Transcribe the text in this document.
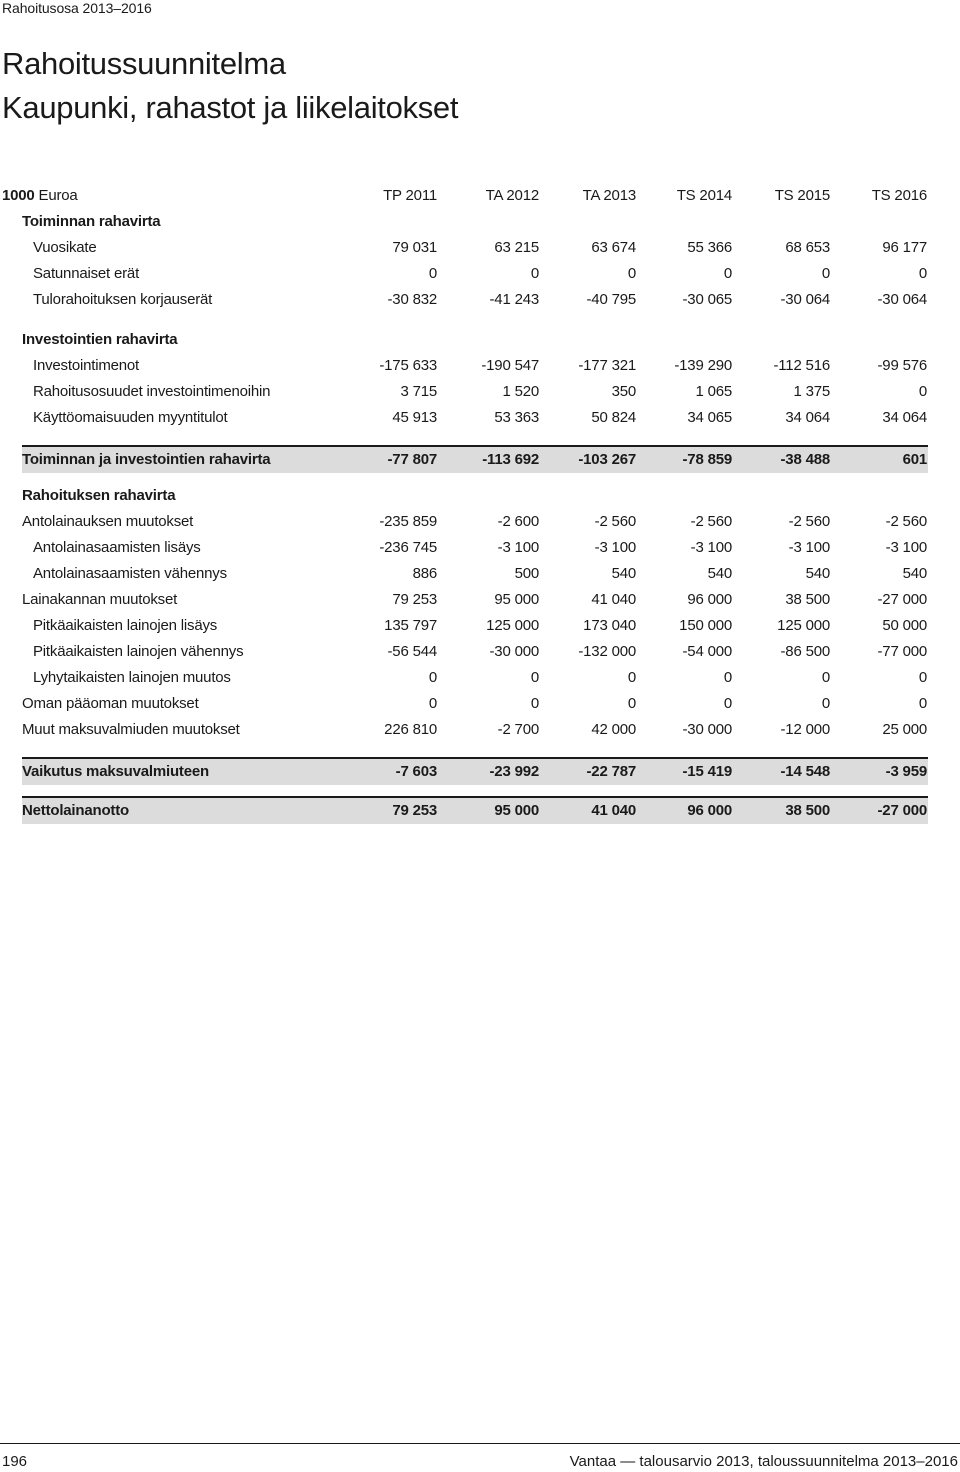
Rahoitusosa 2013–2016
Rahoitussuunnitelma
Kaupunki, rahastot ja liikelaitokset
1000 Euroa	TP 2011	TA 2012	TA 2013	TS 2014	TS 2015	TS 2016
Toiminnan rahavirta
Vuosikate	79 031	63 215	63 674	55 366	68 653	96 177
Satunnaiset erät	0	0	0	0	0	0
Tulorahoituksen korjauserät	-30 832	-41 243	-40 795	-30 065	-30 064	-30 064
Investointien rahavirta
Investointimenot	-175 633	-190 547	-177 321	-139 290	-112 516	-99 576
Rahoitusosuudet investointimenoihin	3 715	1 520	350	1 065	1 375	0
Käyttöomaisuuden myyntitulot	45 913	53 363	50 824	34 065	34 064	34 064
Toiminnan ja investointien rahavirta	-77 807	-113 692	-103 267	-78 859	-38 488	601
Rahoituksen rahavirta
Antolainauksen muutokset	-235 859	-2 600	-2 560	-2 560	-2 560	-2 560
Antolainasaamisten lisäys	-236 745	-3 100	-3 100	-3 100	-3 100	-3 100
Antolainasaamisten vähennys	886	500	540	540	540	540
Lainakannan muutokset	79 253	95 000	41 040	96 000	38 500	-27 000
Pitkäaikaisten lainojen lisäys	135 797	125 000	173 040	150 000	125 000	50 000
Pitkäaikaisten lainojen vähennys	-56 544	-30 000	-132 000	-54 000	-86 500	-77 000
Lyhytaikaisten lainojen muutos	0	0	0	0	0	0
Oman pääoman muutokset	0	0	0	0	0	0
Muut maksuvalmiuden muutokset	226 810	-2 700	42 000	-30 000	-12 000	25 000
Vaikutus maksuvalmiuteen	-7 603	-23 992	-22 787	-15 419	-14 548	-3 959
Nettolainanotto	79 253	95 000	41 040	96 000	38 500	-27 000
196	Vantaa — talousarvio 2013, taloussuunnitelma 2013–2016
